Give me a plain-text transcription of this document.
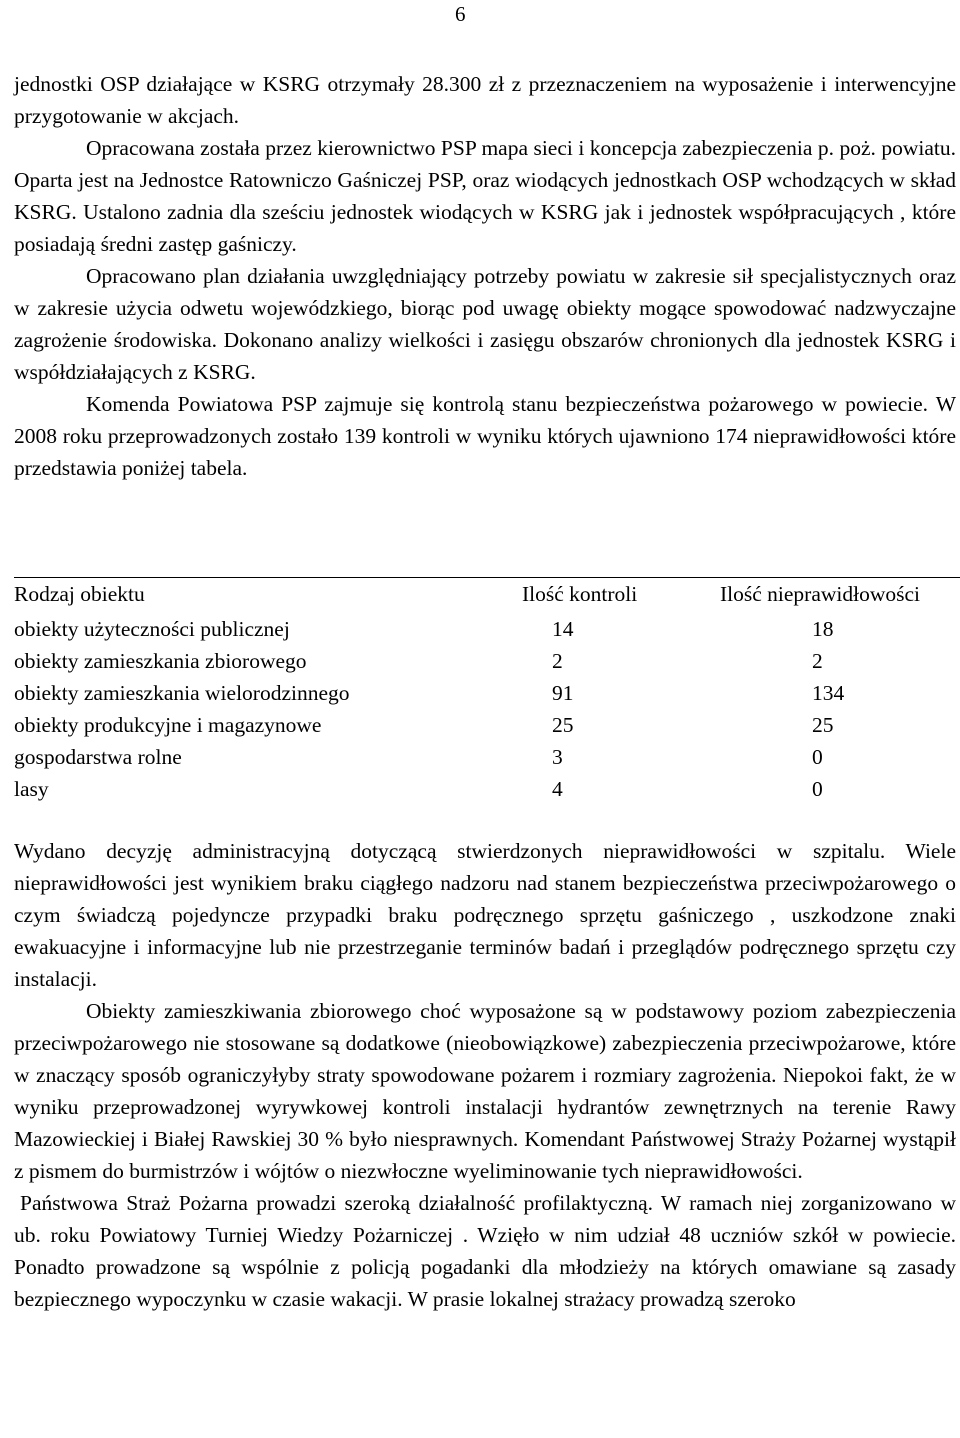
6

jednostki OSP działające w KSRG otrzymały 28.300 zł z przeznaczeniem na wyposażenie i interwencyjne przygotowanie w akcjach.

Opracowana została przez kierownictwo PSP mapa sieci i koncepcja zabezpieczenia p. poż. powiatu. Oparta jest na Jednostce Ratowniczo Gaśniczej PSP, oraz wiodących jednostkach OSP wchodzących w skład KSRG. Ustalono zadnia dla sześciu jednostek wiodących w KSRG jak i jednostek współpracujących , które posiadają średni zastęp gaśniczy.

Opracowano plan działania uwzględniający potrzeby powiatu w zakresie sił specjalistycznych oraz w zakresie użycia odwetu wojewódzkiego, biorąc pod uwagę obiekty mogące spowodować nadzwyczajne zagrożenie środowiska. Dokonano analizy wielkości i zasięgu obszarów chronionych dla jednostek KSRG i współdziałających z KSRG.

Komenda Powiatowa PSP zajmuje się kontrolą stanu bezpieczeństwa pożarowego w powiecie. W 2008 roku przeprowadzonych zostało 139 kontroli w wyniku których ujawniono 174 nieprawidłowości które przedstawia poniżej tabela.

Rodzaj obiektu	Ilość kontroli	Ilość nieprawidłowości
obiekty użyteczności publicznej	14	18
obiekty zamieszkania zbiorowego	2	2
obiekty zamieszkania wielorodzinnego	91	134
obiekty produkcyjne i magazynowe	25	25
gospodarstwa rolne	3	0
lasy	4	0

Wydano decyzję administracyjną dotyczącą stwierdzonych nieprawidłowości w szpitalu. Wiele nieprawidłowości jest wynikiem braku ciągłego nadzoru nad stanem bezpieczeństwa przeciwpożarowego o czym świadczą pojedyncze przypadki braku podręcznego sprzętu gaśniczego , uszkodzone znaki ewakuacyjne i informacyjne lub nie przestrzeganie terminów badań i przeglądów podręcznego sprzętu czy instalacji.

Obiekty zamieszkiwania zbiorowego choć wyposażone są w podstawowy poziom zabezpieczenia przeciwpożarowego nie stosowane są dodatkowe (nieobowiązkowe) zabezpieczenia przeciwpożarowe, które w znaczący sposób ograniczyłyby straty spowodowane pożarem i rozmiary zagrożenia. Niepokoi fakt, że w wyniku przeprowadzonej wyrywkowej kontroli instalacji hydrantów zewnętrznych na terenie Rawy Mazowieckiej i Białej Rawskiej 30 % było niesprawnych. Komendant Państwowej Straży Pożarnej wystąpił z pismem do burmistrzów i wójtów o niezwłoczne wyeliminowanie tych nieprawidłowości.

Państwowa Straż Pożarna prowadzi szeroką działalność profilaktyczną. W ramach niej zorganizowano w ub. roku Powiatowy Turniej Wiedzy Pożarniczej . Wzięło w nim udział 48 uczniów szkół w powiecie. Ponadto prowadzone są wspólnie z policją pogadanki dla młodzieży na których omawiane są zasady bezpiecznego wypoczynku w czasie wakacji. W prasie lokalnej strażacy prowadzą szeroko
